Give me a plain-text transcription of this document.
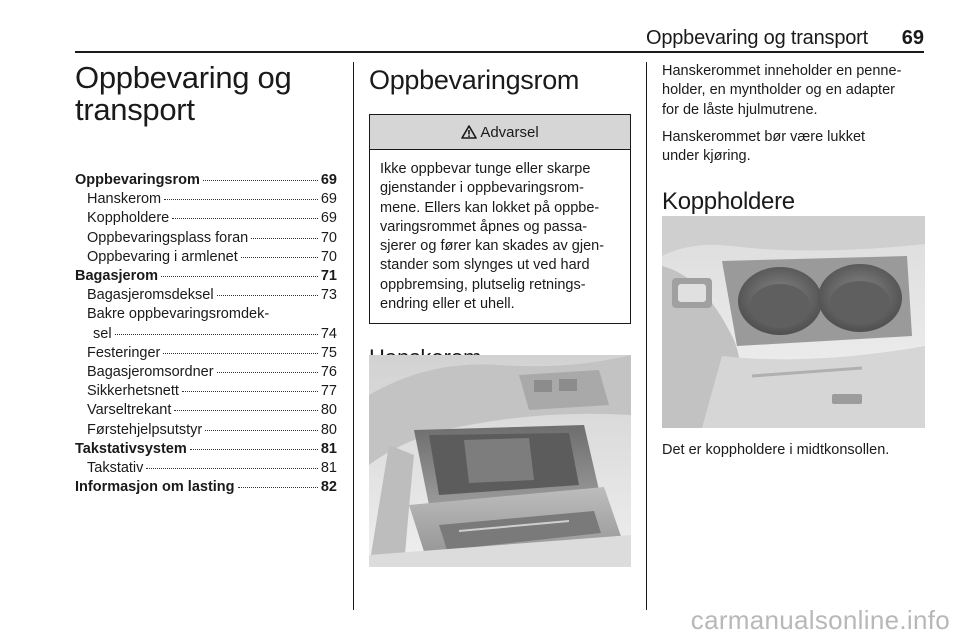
Oppbevaring og transport 69
Oppbevaring og
transport
Oppbevaringsrom	69
Hanskerom	69
Koppholdere	69
Oppbevaringsplass foran	70
Oppbevaring i armlenet	70
Bagasjerom	71
Bagasjeromsdeksel	73
Bakre oppbevaringsromdek-
sel	74
Festeringer	75
Bagasjeromsordner	76
Sikkerhetsnett	77
Varseltrekant	80
Førstehjelpsutstyr	80
Takstativsystem	81
Takstativ	81
Informasjon om lasting	82
Oppbevaringsrom
Advarsel
Ikke oppbevar tunge eller skarpe
gjenstander i oppbevaringsrom-
mene. Ellers kan lokket på oppbe-
varingsrommet åpnes og passa-
sjerer og fører kan skades av gjen-
stander som slynges ut ved hard
oppbremsing, plutselig retnings-
endring eller et uhell.

Hanskerommet inneholder en penne-
holder, en myntholder og en adapter
for de låste hjulmutrene.

Hanskerommet bør være lukket
under kjøring.

Koppholdere
Det er koppholdere i midtkonsollen.
carmanualsonline.info
